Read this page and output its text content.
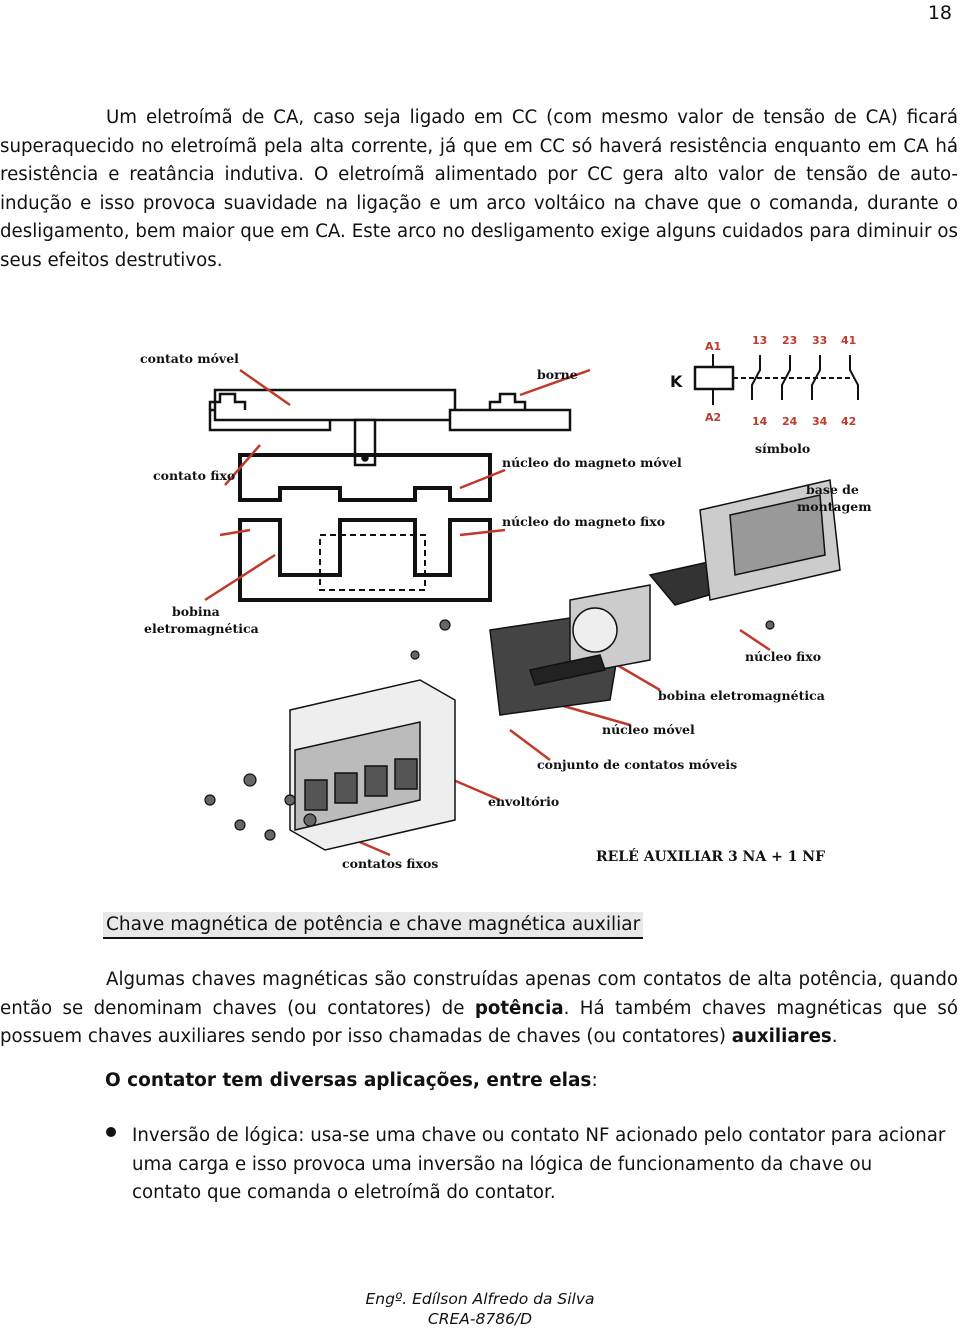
18
Um eletroímã de CA, caso seja ligado em CC (com mesmo valor de tensão de CA) ficará superaquecido no eletroímã pela alta corrente, já que em CC só haverá resistência enquanto em CA há resistência e reatância indutiva. O eletroímã alimentado por CC gera alto valor de tensão de auto-indução e isso provoca suavidade na ligação e um arco voltáico na chave que o comanda, durante o desligamento, bem maior que em CA. Este arco no desligamento exige alguns cuidados para diminuir os seus efeitos destrutivos.
contato móvel
borne
contato fixo
núcleo do magneto móvel
núcleo do magneto fixo
bobina
eletromagnética
símbolo
base de
montagem
núcleo fixo
bobina eletromagnética
núcleo móvel
conjunto de contatos móveis
envoltório
contatos fixos	RELÉ AUXILIAR 3 NA + 1 NF
A1
A2
K
13 23 33 41
14 24 34 42
Chave magnética de potência e chave magnética auxiliar
Algumas chaves magnéticas são construídas apenas com contatos de alta potência, quando então se denominam chaves (ou contatores) de potência. Há também chaves magnéticas que só possuem chaves auxiliares sendo por isso chamadas de chaves (ou contatores) auxiliares.
O contator tem diversas aplicações, entre elas:
Inversão de lógica: usa-se uma chave ou contato NF acionado pelo contator para acionar uma carga e isso provoca uma inversão na lógica de funcionamento da chave ou contato que comanda o eletroímã do contator.
Engº. Edílson Alfredo da Silva
CREA-8786/D
